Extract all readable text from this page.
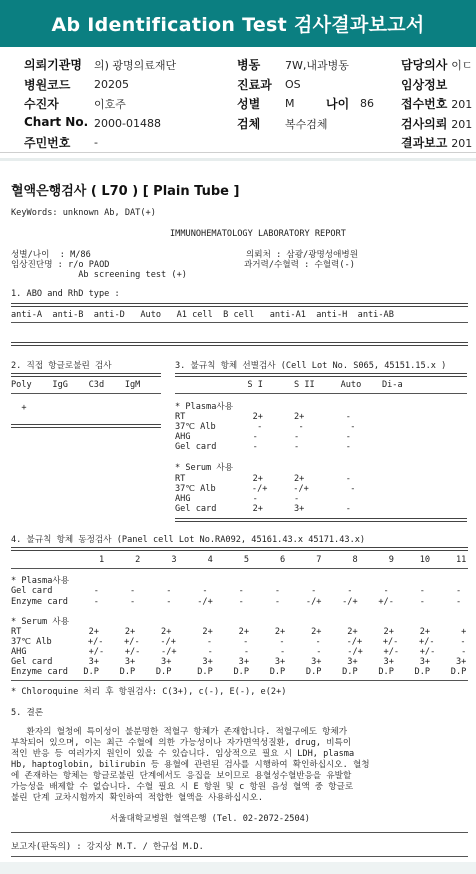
Ab Identification Test 검사결과보고서
의뢰기관명 의) 광명의료재단
병원코드 20205
수진자	이호주
Chart No. 2000-01488
주민번호 -
병동 7W,내과병동
진료과 OS
성별 M	나이 86
검체 복수검체
담당의사 이ㄷ
임상정보
접수번호 201
검사의뢰 201
결과보고 201
혈액은행검사 ( L70 ) [ Plain Tube ]
KeyWords: unknown Ab, DAT(+)
IMMUNOHEMATOLOGY LABORATORY REPORT
성별/나이  : M/86                              의뢰처 : 삼광/광명성애병원
임상진단명 : r/o PAOD                          과거력/수혈력 : 수혈력(-)
Ab screening test (+)
1. ABO and RhD type :
anti-A  anti-B  anti-D   Auto   A1 cell  B cell   anti-A1  anti-H  anti-AB
2. 직접 항글로불린 검사
Poly    IgG    C3d    IgM
+
3. 불규칙 항체 선별검사 (Cell Lot No. S065, 45151.15.x )
S I      S II     Auto    Di-a
* Plasma사용
RT             2+      2+        -
37℃ Alb        -       -         -
AHG            -       -         -
Gel card       -       -         -
* Serum 사용
RT             2+      2+        -
37℃ Alb       -/+     -/+        -
AHG            -       -
Gel card       2+      3+        -
4. 불규칙 항체 동정검사 (Panel cell Lot No.RA092, 45161.43.x 45171.43.x)
1      2      3      4      5      6      7      8      9     10     11
* Plasma사용
Gel card        -      -      -      -      -      -      -      -      -      -      -
Enzyme card     -      -      -     -/+     -      -     -/+    -/+    +/-     -      -
* Serum 사용
RT             2+     2+     2+      2+     2+     2+     2+     2+     2+     2+      +
37℃ Alb       +/-    +/-    -/+      -      -      -      -     -/+    +/-    +/-     -
AHG            +/-    +/-    -/+      -      -      -      -     -/+    +/-    +/-     -
Gel card       3+     3+     3+      3+     3+     3+     3+     3+     3+     3+     3+
Enzyme card   D.P    D.P    D.P     D.P    D.P    D.P    D.P    D.P    D.P    D.P    D.P
* Chloroquine 처리 후 항원검사: C(3+), c(-), E(-), e(2+)
5. 결론
환자의 혈청에 특이성이 불분명한 적혈구 항체가 존재합니다. 적혈구에도 항체가
부착되어 있으며, 이는 최근 수혈에 의한 가능성이나 자가면역성질환, drug, 비특이
적인 반응 등 여러가지 원인이 있을 수 있습니다. 임상적으로 필요 시 LDH, plasma
Hb, haptoglobin, bilirubin 등 용혈에 관련된 검사를 시행하여 확인하십시오. 혈청
에 존재하는 항체는 항글로불린 단계에서도 응집을 보이므로 용혈성수혈반응을 유발할
가능성을 배제할 수 없습니다. 수혈 필요 시 E 항원 및 c 항원 음성 혈액 중 항글로
불린 단계 교차시험까지 확인하여 적합한 혈액을 사용하십시오.
서울대학교병원 혈액은행 (Tel. 02-2072-2504)
보고자(판독의) : 강지상 M.T. / 한규섭 M.D.
